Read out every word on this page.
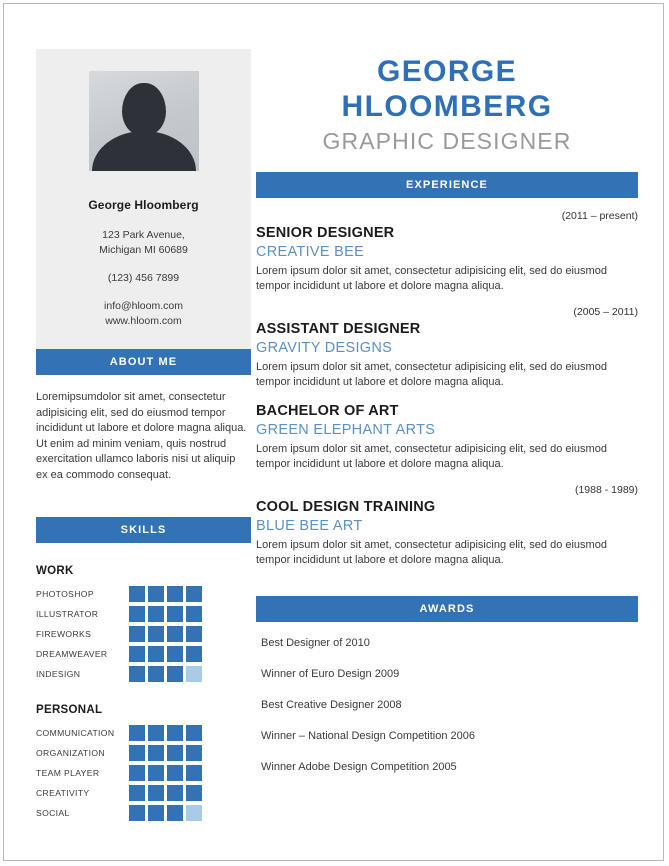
George Hloomberg
123 Park Avenue,
Michigan MI 60689
(123) 456 7899
info@hloom.com
www.hloom.com
ABOUT ME
Loremipsumdolor sit amet, consectetur adipisicing elit, sed do eiusmod tempor incididunt ut labore et dolore magna aliqua. Ut enim ad minim veniam, quis nostrud exercitation ullamco laboris nisi ut aliquip ex ea commodo consequat.
SKILLS
WORK
PHOTOSHOP
ILLUSTRATOR
FIREWORKS
DREAMWEAVER
INDESIGN
PERSONAL
COMMUNICATION
ORGANIZATION
TEAM PLAYER
CREATIVITY
SOCIAL
GEORGE
HLOOMBERG
GRAPHIC DESIGNER
EXPERIENCE
(2011 – present)
SENIOR DESIGNER
CREATIVE BEE
Lorem ipsum dolor sit amet, consectetur adipisicing elit, sed do eiusmod tempor incididunt ut labore et dolore magna aliqua.
(2005 – 2011)
ASSISTANT DESIGNER
GRAVITY DESIGNS
Lorem ipsum dolor sit amet, consectetur adipisicing elit, sed do eiusmod tempor incididunt ut labore et dolore magna aliqua.
BACHELOR OF ART
GREEN ELEPHANT ARTS
Lorem ipsum dolor sit amet, consectetur adipisicing elit, sed do eiusmod tempor incididunt ut labore et dolore magna aliqua.
(1988 - 1989)
COOL DESIGN TRAINING
BLUE BEE ART
Lorem ipsum dolor sit amet, consectetur adipisicing elit, sed do eiusmod tempor incididunt ut labore et dolore magna aliqua.
AWARDS
Best Designer of 2010
Winner of Euro Design 2009
Best Creative Designer 2008
Winner – National Design Competition 2006
Winner Adobe Design Competition 2005
